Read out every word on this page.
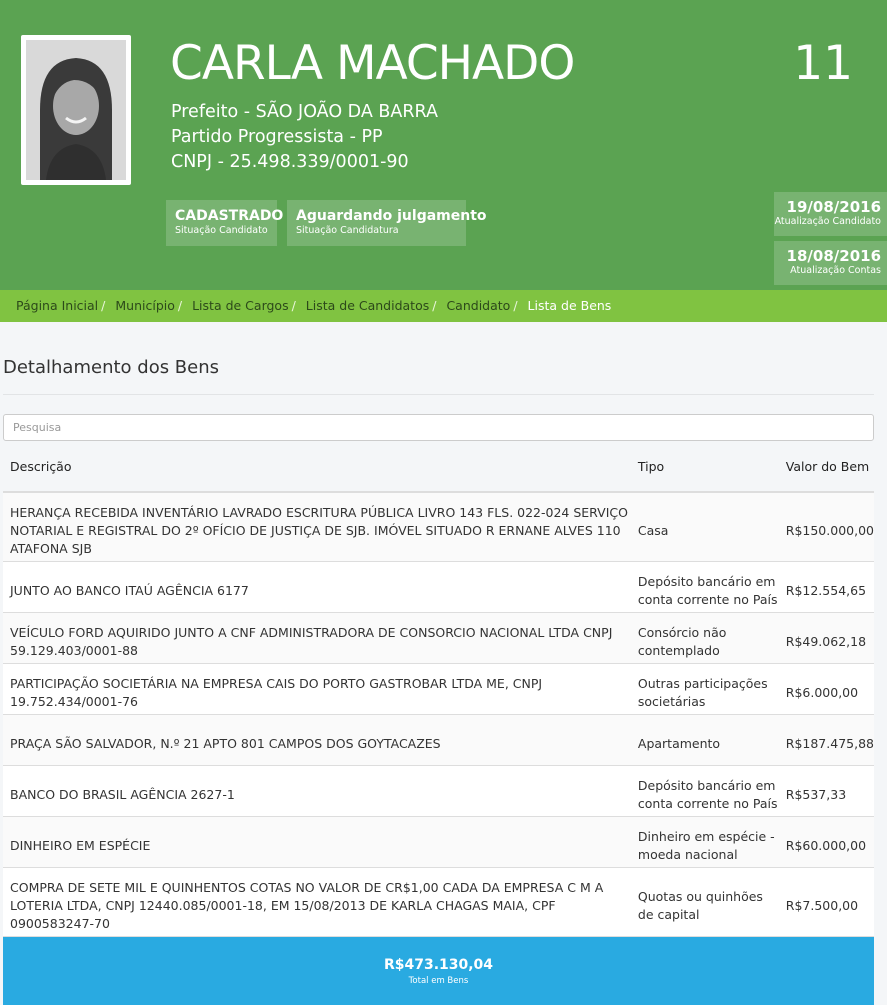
CARLA MACHADO	11
Prefeito - SÃO JOÃO DA BARRA
Partido Progressista - PP
CNPJ - 25.498.339/0001-90
CADASTRADO
Situação Candidato
Aguardando julgamento
Situação Candidatura
19/08/2016
Atualização Candidato
18/08/2016
Atualização Contas
Página Inicial / Município / Lista de Cargos / Lista de Candidatos / Candidato / Lista de Bens
Detalhamento dos Bens
Pesquisa
Descrição	Tipo	Valor do Bem
HERANÇA RECEBIDA INVENTÁRIO LAVRADO ESCRITURA PÚBLICA LIVRO 143 FLS. 022-024 SERVIÇO NOTARIAL E REGISTRAL DO 2º OFÍCIO DE JUSTIÇA DE SJB. IMÓVEL SITUADO R ERNANE ALVES 110 ATAFONA SJB	Casa	R$150.000,00
JUNTO AO BANCO ITAÚ AGÊNCIA 6177	Depósito bancário em conta corrente no País	R$12.554,65
VEÍCULO FORD AQUIRIDO JUNTO A CNF ADMINISTRADORA DE CONSORCIO NACIONAL LTDA CNPJ 59.129.403/0001-88	Consórcio não contemplado	R$49.062,18
PARTICIPAÇÃO SOCIETÁRIA NA EMPRESA CAIS DO PORTO GASTROBAR LTDA ME, CNPJ 19.752.434/0001-76	Outras participações societárias	R$6.000,00
PRAÇA SÃO SALVADOR, N.º 21 APTO 801 CAMPOS DOS GOYTACAZES	Apartamento	R$187.475,88
BANCO DO BRASIL AGÊNCIA 2627-1	Depósito bancário em conta corrente no País	R$537,33
DINHEIRO EM ESPÉCIE	Dinheiro em espécie - moeda nacional	R$60.000,00
COMPRA DE SETE MIL E QUINHENTOS COTAS NO VALOR DE CR$1,00 CADA DA EMPRESA C M A LOTERIA LTDA, CNPJ 12440.085/0001-18, EM 15/08/2013 DE KARLA CHAGAS MAIA, CPF 0900583247-70	Quotas ou quinhões de capital	R$7.500,00
R$473.130,04
Total em Bens
